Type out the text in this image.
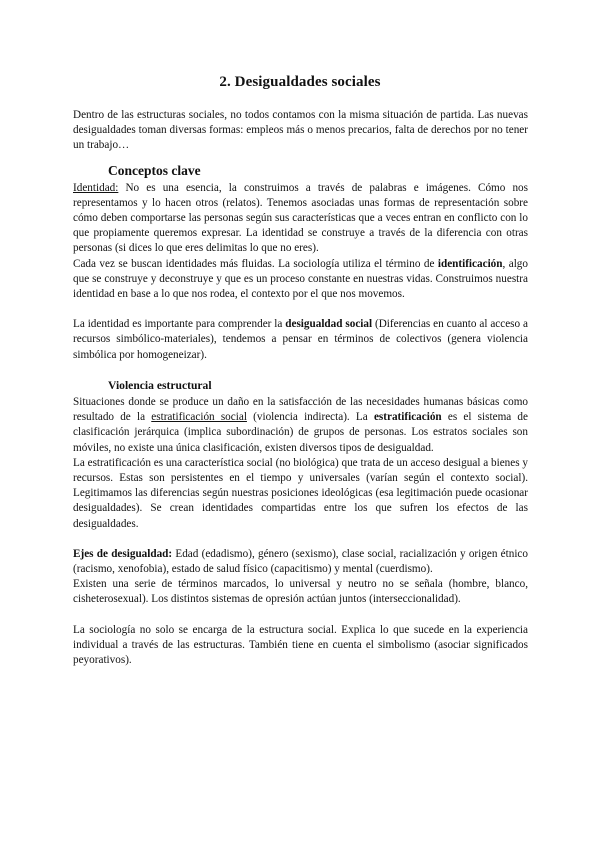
2. Desigualdades sociales

Dentro de las estructuras sociales, no todos contamos con la misma situación de partida. Las nuevas desigualdades toman diversas formas: empleos más o menos precarios, falta de derechos por no tener un trabajo…

Conceptos clave

Identidad: No es una esencia, la construimos a través de palabras e imágenes. Cómo nos representamos y lo hacen otros (relatos). Tenemos asociadas unas formas de representación sobre cómo deben comportarse las personas según sus características que a veces entran en conflicto con lo que propiamente queremos expresar. La identidad se construye a través de la diferencia con otras personas (si dices lo que eres delimitas lo que no eres).

Cada vez se buscan identidades más fluidas. La sociología utiliza el término de identificación, algo que se construye y deconstruye y que es un proceso constante en nuestras vidas. Construimos nuestra identidad en base a lo que nos rodea, el contexto por el que nos movemos.

La identidad es importante para comprender la desigualdad social (Diferencias en cuanto al acceso a recursos simbólico-materiales), tendemos a pensar en términos de colectivos (genera violencia simbólica por homogeneizar).

Violencia estructural

Situaciones donde se produce un daño en la satisfacción de las necesidades humanas básicas como resultado de la estratificación social (violencia indirecta). La estratificación es el sistema de clasificación jerárquica (implica subordinación) de grupos de personas. Los estratos sociales son móviles, no existe una única clasificación, existen diversos tipos de desigualdad.

La estratificación es una característica social (no biológica) que trata de un acceso desigual a bienes y recursos. Estas son persistentes en el tiempo y universales (varían según el contexto social). Legitimamos las diferencias según nuestras posiciones ideológicas (esa legitimación puede ocasionar desigualdades). Se crean identidades compartidas entre los que sufren los efectos de las desigualdades.

Ejes de desigualdad: Edad (edadismo), género (sexismo), clase social, racialización y origen étnico (racismo, xenofobia), estado de salud físico (capacitismo) y mental (cuerdismo).

Existen una serie de términos marcados, lo universal y neutro no se señala (hombre, blanco, cisheterosexual). Los distintos sistemas de opresión actúan juntos (interseccionalidad).

La sociología no solo se encarga de la estructura social. Explica lo que sucede en la experiencia individual a través de las estructuras. También tiene en cuenta el simbolismo (asociar significados peyorativos).
